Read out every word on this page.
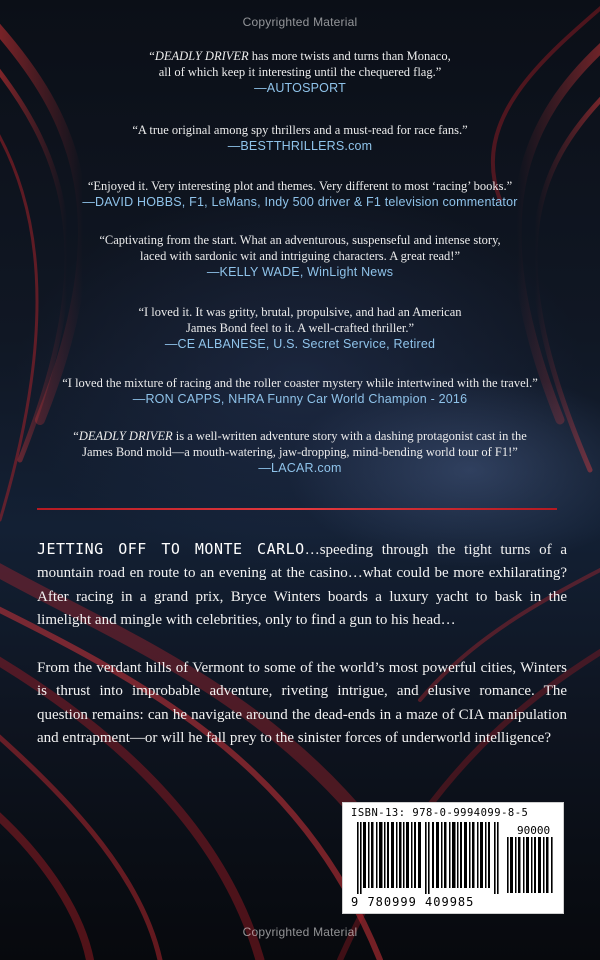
Copyrighted Material
“DEADLY DRIVER has more twists and turns than Monaco,
all of which keep it interesting until the chequered flag.”
—AUTOSPORT
“A true original among spy thrillers and a must-read for race fans.”
—BESTTHRILLERS.com
“Enjoyed it. Very interesting plot and themes. Very different to most ‘racing’ books.”
—DAVID HOBBS, F1, LeMans, Indy 500 driver & F1 television commentator
“Captivating from the start. What an adventurous, suspenseful and intense story,
laced with sardonic wit and intriguing characters. A great read!”
—KELLY WADE, WinLight News
“I loved it. It was gritty, brutal, propulsive, and had an American
James Bond feel to it. A well-crafted thriller.”
—CE ALBANESE, U.S. Secret Service, Retired
“I loved the mixture of racing and the roller coaster mystery while intertwined with the travel.”
—RON CAPPS, NHRA Funny Car World Champion - 2016
“DEADLY DRIVER is a well-written adventure story with a dashing protagonist cast in the
James Bond mold—a mouth-watering, jaw-dropping, mind-bending world tour of F1!”
—LACAR.com
JETTING OFF TO MONTE CARLO…speeding through the tight turns of a mountain road en route to an evening at the casino…what could be more exhilarating? After racing in a grand prix, Bryce Winters boards a luxury yacht to bask in the limelight and mingle with celebrities, only to find a gun to his head…
From the verdant hills of Vermont to some of the world’s most powerful cities, Winters is thrust into improbable adventure, riveting intrigue, and elusive romance. The question remains: can he navigate around the dead-ends in a maze of CIA manipulation and entrapment—or will he fall prey to the sinister forces of underworld intelligence?
ISBN-13: 978-0-9994099-8-5
90000
9 780999 409985
Copyrighted Material
